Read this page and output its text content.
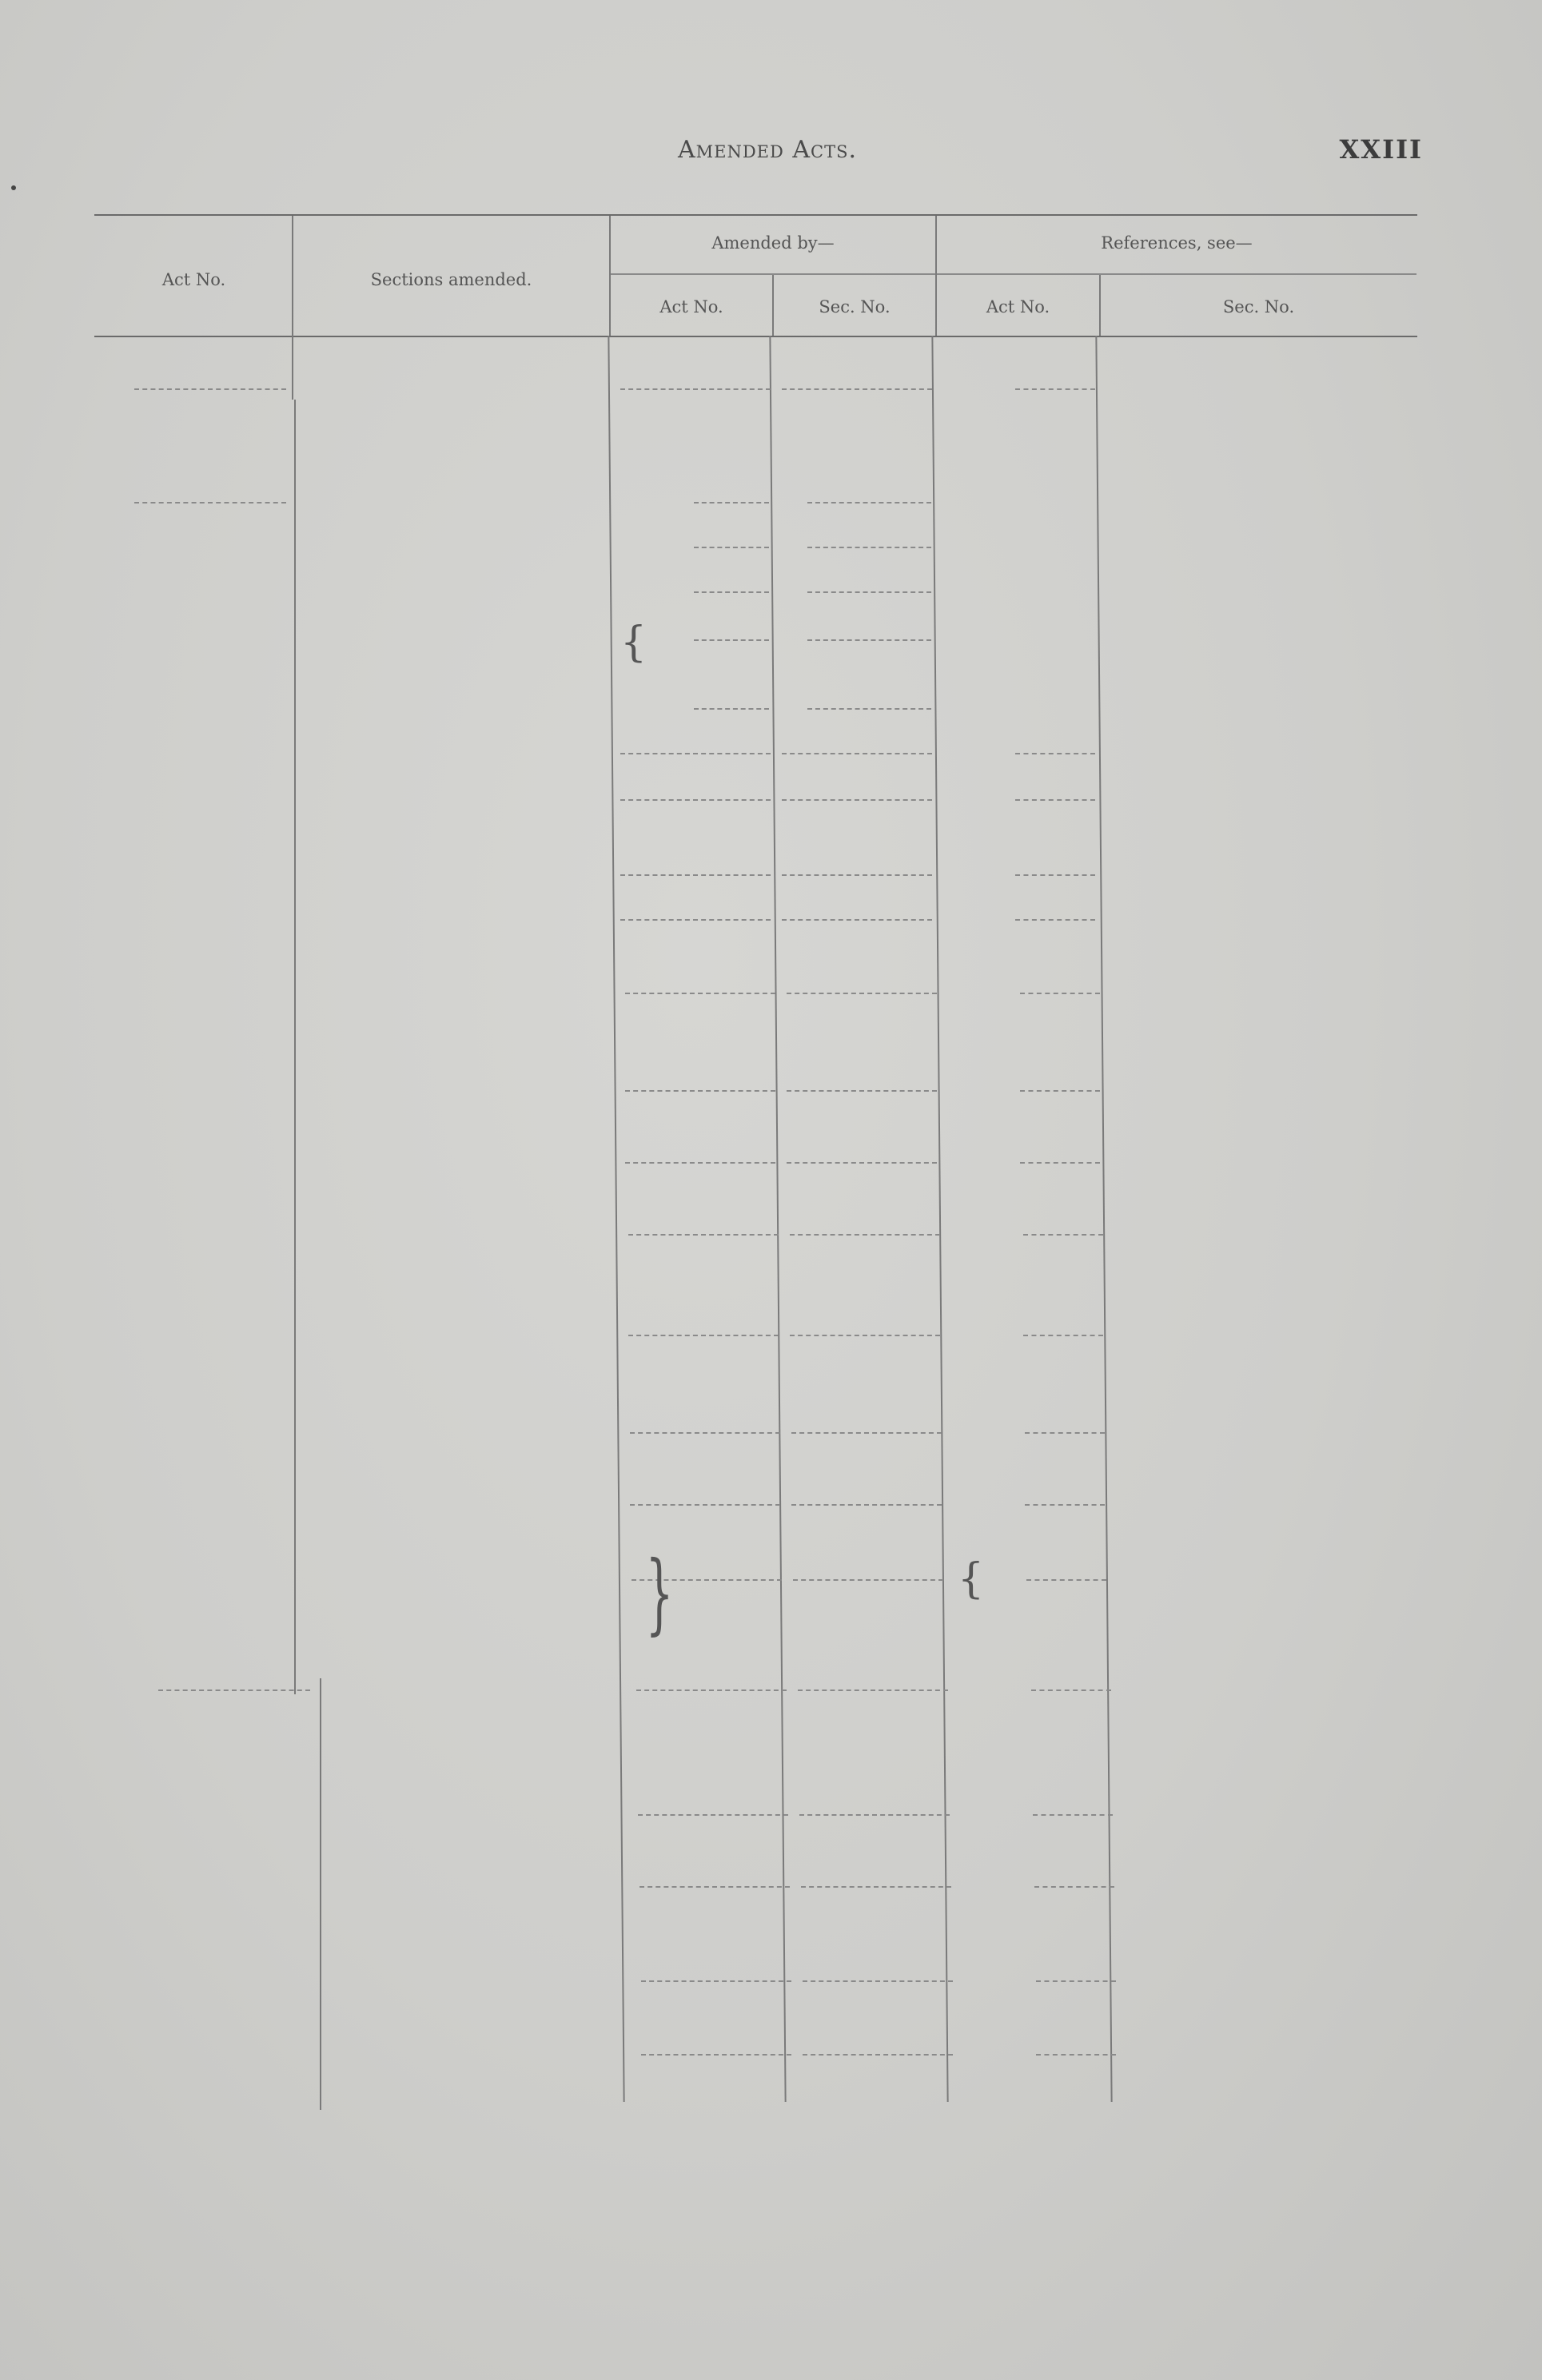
Amended Acts.	XXIII
Act No.	Sections amended.
Amended by—	References, see—
Act No.	Sec. No.	Act No.	Sec. No.
{
}	{
